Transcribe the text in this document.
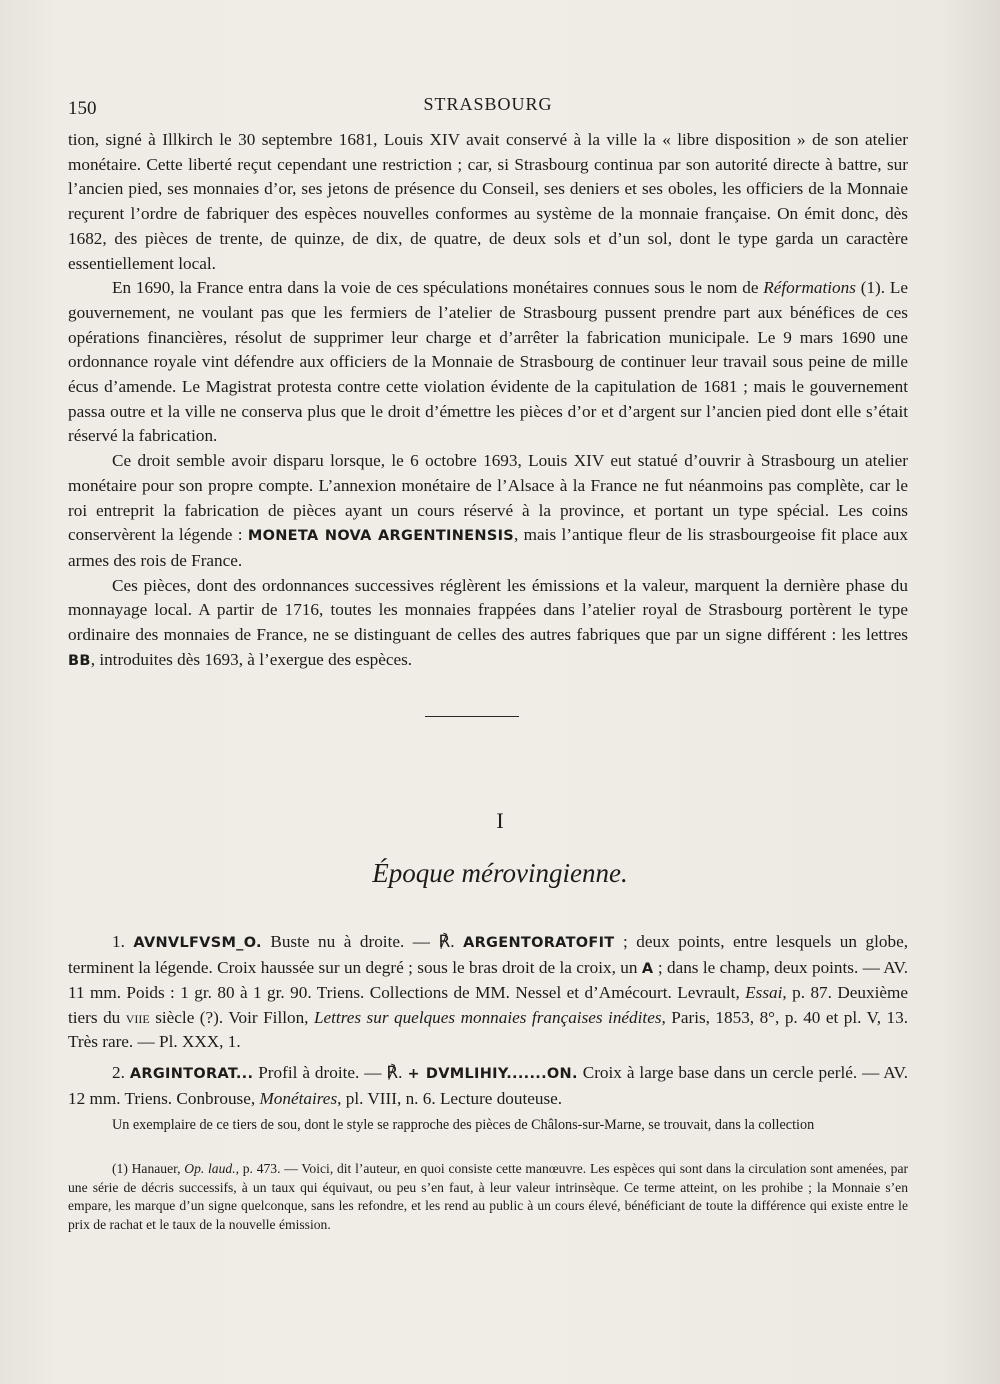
150	STRASBOURG

tion, signé à Illkirch le 30 septembre 1681, Louis XIV avait conservé à la ville la « libre disposition » de son atelier monétaire. Cette liberté reçut cependant une restriction ; car, si Strasbourg continua par son autorité directe à battre, sur l’ancien pied, ses monnaies d’or, ses jetons de présence du Conseil, ses deniers et ses oboles, les officiers de la Monnaie reçurent l’ordre de fabriquer des espèces nouvelles conformes au système de la monnaie française. On émit donc, dès 1682, des pièces de trente, de quinze, de dix, de quatre, de deux sols et d’un sol, dont le type garda un caractère essentiellement local.

En 1690, la France entra dans la voie de ces spéculations monétaires connues sous le nom de Réformations (1). Le gouvernement, ne voulant pas que les fermiers de l’atelier de Strasbourg pussent prendre part aux bénéfices de ces opérations financières, résolut de supprimer leur charge et d’arrêter la fabrication municipale. Le 9 mars 1690 une ordonnance royale vint défendre aux officiers de la Monnaie de Strasbourg de continuer leur travail sous peine de mille écus d’amende. Le Magistrat protesta contre cette violation évidente de la capitulation de 1681 ; mais le gouvernement passa outre et la ville ne conserva plus que le droit d’émettre les pièces d’or et d’argent sur l’ancien pied dont elle s’était réservé la fabrication.

Ce droit semble avoir disparu lorsque, le 6 octobre 1693, Louis XIV eut statué d’ouvrir à Strasbourg un atelier monétaire pour son propre compte. L’annexion monétaire de l’Alsace à la France ne fut néanmoins pas complète, car le roi entreprit la fabrication de pièces ayant un cours réservé à la province, et portant un type spécial. Les coins conservèrent la légende : MONETA NOVA ARGENTINENSIS, mais l’antique fleur de lis strasbourgeoise fit place aux armes des rois de France.

Ces pièces, dont des ordonnances successives réglèrent les émissions et la valeur, marquent la dernière phase du monnayage local. A partir de 1716, toutes les monnaies frappées dans l’atelier royal de Strasbourg portèrent le type ordinaire des monnaies de France, ne se distinguant de celles des autres fabriques que par un signe différent : les lettres BB, introduites dès 1693, à l’exergue des espèces.

I
Époque mérovingienne.

1. AVNVLFVSM_O. Buste nu à droite. — ℟. ARGENTORATOFIT ; deux points, entre lesquels un globe, terminent la légende. Croix haussée sur un degré ; sous le bras droit de la croix, un A ; dans le champ, deux points. — AV. 11 mm. Poids : 1 gr. 80 à 1 gr. 90. Triens. Collections de MM. Nessel et d’Amécourt. Levrault, Essai, p. 87. Deuxième tiers du viie siècle (?). Voir Fillon, Lettres sur quelques monnaies françaises inédites, Paris, 1853, 8°, p. 40 et pl. V, 13. Très rare. — Pl. XXX, 1.

2. ARGINTORAT... Profil à droite. — ℟. + DVMLIHIY.......ON. Croix à large base dans un cercle perlé. — AV. 12 mm. Triens. Conbrouse, Monétaires, pl. VIII, n. 6. Lecture douteuse.

Un exemplaire de ce tiers de sou, dont le style se rapproche des pièces de Châlons-sur-Marne, se trouvait, dans la collection

(1) Hanauer, Op. laud., p. 473. — Voici, dit l’auteur, en quoi consiste cette manœuvre. Les espèces qui sont dans la circulation sont amenées, par une série de décris successifs, à un taux qui équivaut, ou peu s’en faut, à leur valeur intrinsèque. Ce terme atteint, on les prohibe ; la Monnaie s’en empare, les marque d’un signe quelconque, sans les refondre, et les rend au public à un cours élevé, bénéficiant de toute la différence qui existe entre le prix de rachat et le taux de la nouvelle émission.
